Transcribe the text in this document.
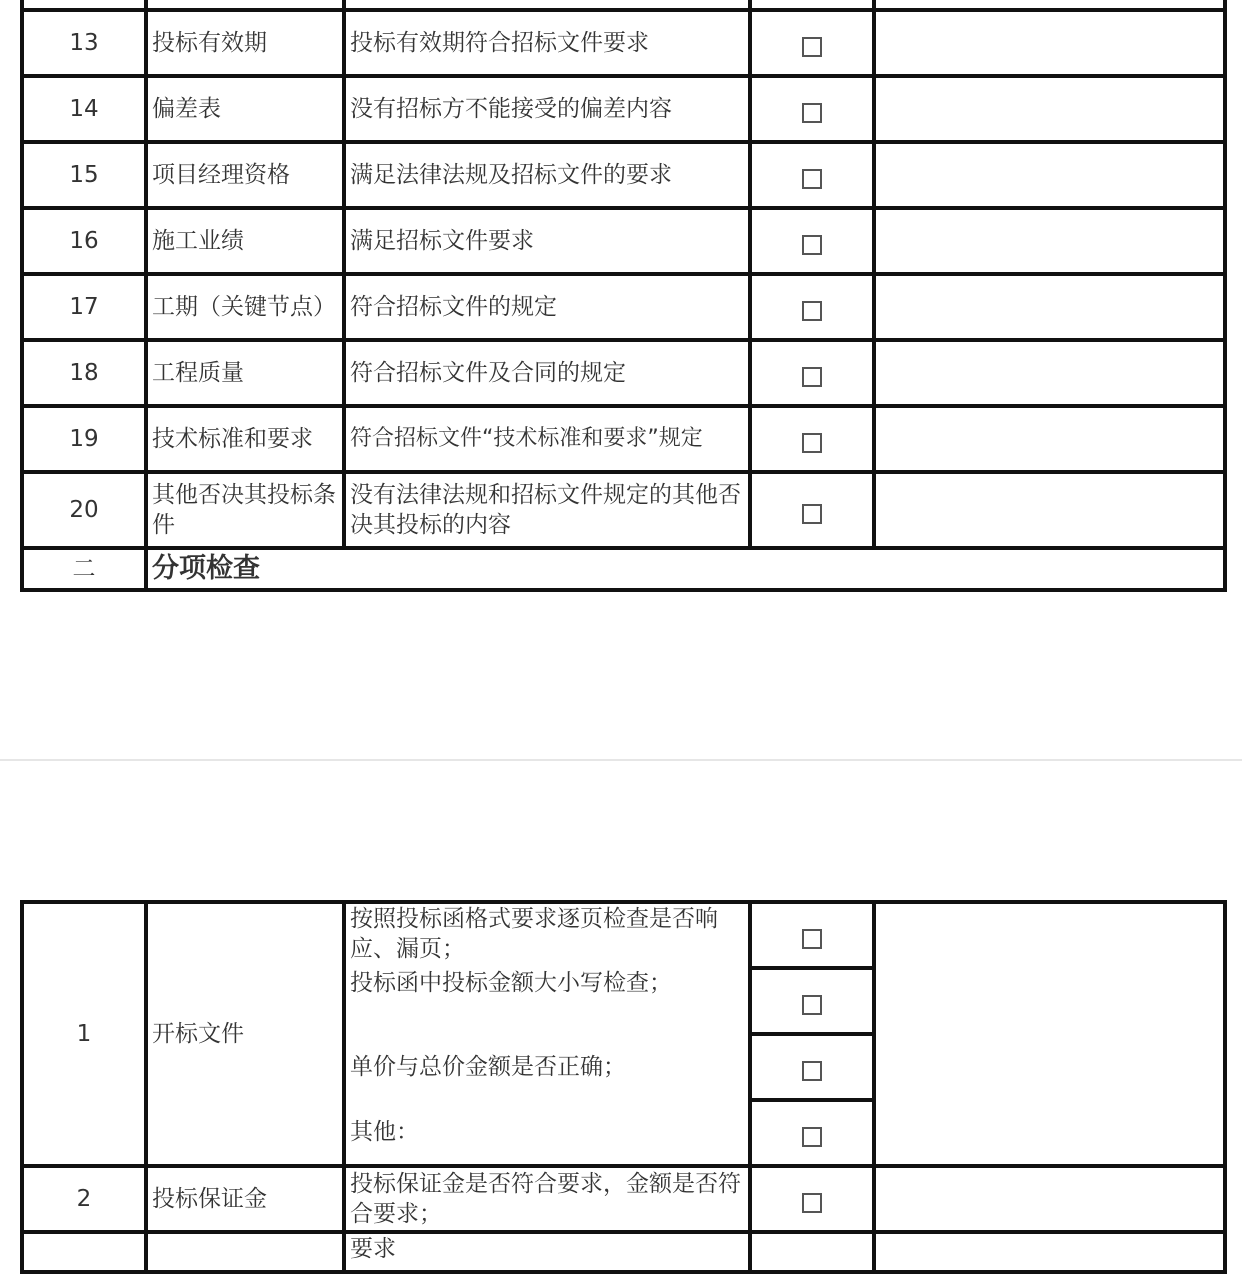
13	投标有效期	投标有效期符合招标文件要求		
14	偏差表	没有招标方不能接受的偏差内容		
15	项目经理资格	满足法律法规及招标文件的要求		
16	施工业绩	满足招标文件要求		
17	工期（关键节点）	符合招标文件的规定		
18	工程质量	符合招标文件及合同的规定		
19	技术标准和要求	符合招标文件“技术标准和要求”规定		
20	其他否决其投标条件	没有法律法规和招标文件规定的其他否决其投标的内容		
二	分项检查			
1	开标文件	按照投标函格式要求逐页检查是否响应、漏页；		
		投标函中投标金额大小写检查；		
		单价与总价金额是否正确；		
		其他：		
2	投标保证金	投标保证金是否符合要求，金额是否符合要求；		
		要求		
